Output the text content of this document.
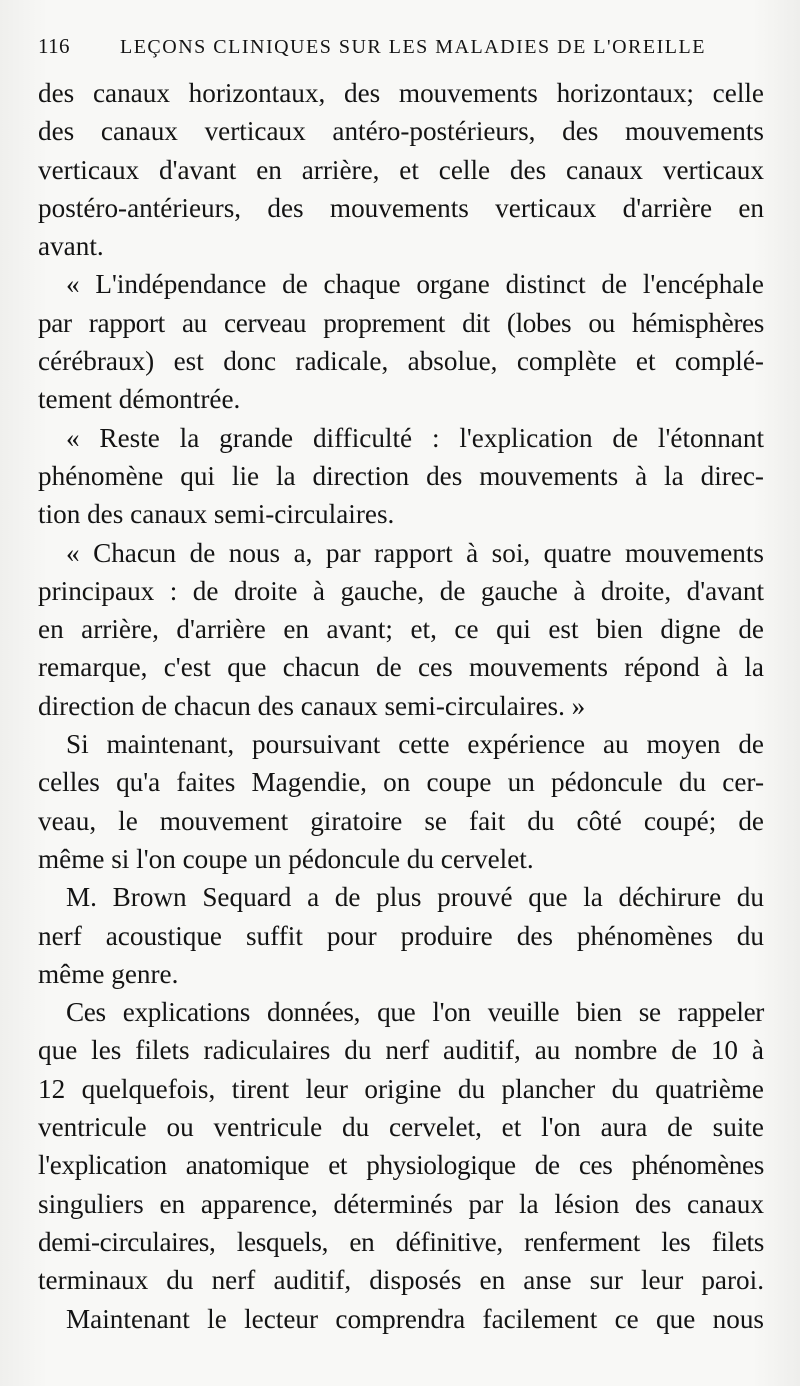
116	LEÇONS CLINIQUES SUR LES MALADIES DE L'OREILLE
des canaux horizontaux, des mouvements horizontaux; celle
des canaux verticaux antéro-postérieurs, des mouvements
verticaux d'avant en arrière, et celle des canaux verticaux
postéro-antérieurs, des mouvements verticaux d'arrière en
avant.
« L'indépendance de chaque organe distinct de l'encéphale
par rapport au cerveau proprement dit (lobes ou hémisphères
cérébraux) est donc radicale, absolue, complète et complé-
tement démontrée.
« Reste la grande difficulté : l'explication de l'étonnant
phénomène qui lie la direction des mouvements à la direc-
tion des canaux semi-circulaires.
« Chacun de nous a, par rapport à soi, quatre mouvements
principaux : de droite à gauche, de gauche à droite, d'avant
en arrière, d'arrière en avant; et, ce qui est bien digne de
remarque, c'est que chacun de ces mouvements répond à la
direction de chacun des canaux semi-circulaires. »
Si maintenant, poursuivant cette expérience au moyen de
celles qu'a faites Magendie, on coupe un pédoncule du cer-
veau, le mouvement giratoire se fait du côté coupé; de
même si l'on coupe un pédoncule du cervelet.
M. Brown Sequard a de plus prouvé que la déchirure du
nerf acoustique suffit pour produire des phénomènes du
même genre.
Ces explications données, que l'on veuille bien se rappeler
que les filets radiculaires du nerf auditif, au nombre de 10 à
12 quelquefois, tirent leur origine du plancher du quatrième
ventricule ou ventricule du cervelet, et l'on aura de suite
l'explication anatomique et physiologique de ces phénomènes
singuliers en apparence, déterminés par la lésion des canaux
demi-circulaires, lesquels, en définitive, renferment les filets
terminaux du nerf auditif, disposés en anse sur leur paroi.
Maintenant le lecteur comprendra facilement ce que nous
